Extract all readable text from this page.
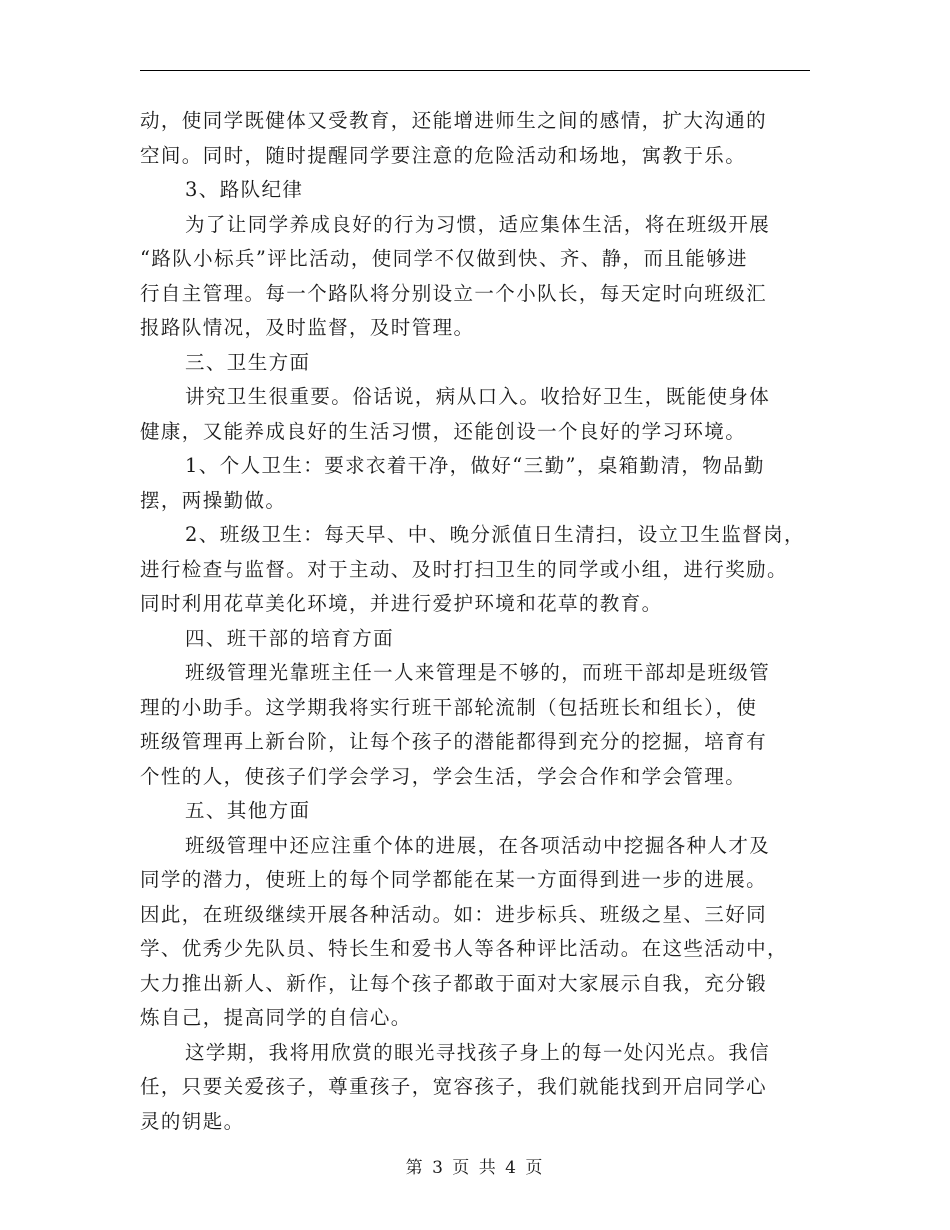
动，使同学既健体又受教育，还能增进师生之间的感情，扩大沟通的
空间。同时，随时提醒同学要注意的危险活动和场地，寓教于乐。
3、路队纪律
为了让同学养成良好的行为习惯，适应集体生活，将在班级开展
“路队小标兵”评比活动，使同学不仅做到快、齐、静，而且能够进
行自主管理。每一个路队将分别设立一个小队长，每天定时向班级汇
报路队情况，及时监督，及时管理。
三、卫生方面
讲究卫生很重要。俗话说，病从口入。收拾好卫生，既能使身体
健康，又能养成良好的生活习惯，还能创设一个良好的学习环境。
1、个人卫生：要求衣着干净，做好“三勤”，桌箱勤清，物品勤
摆，两操勤做。
2、班级卫生：每天早、中、晚分派值日生清扫，设立卫生监督岗，
进行检查与监督。对于主动、及时打扫卫生的同学或小组，进行奖励。
同时利用花草美化环境，并进行爱护环境和花草的教育。
四、班干部的培育方面
班级管理光靠班主任一人来管理是不够的，而班干部却是班级管
理的小助手。这学期我将实行班干部轮流制（包括班长和组长），使
班级管理再上新台阶，让每个孩子的潜能都得到充分的挖掘，培育有
个性的人，使孩子们学会学习，学会生活，学会合作和学会管理。
五、其他方面
班级管理中还应注重个体的进展，在各项活动中挖掘各种人才及
同学的潜力，使班上的每个同学都能在某一方面得到进一步的进展。
因此，在班级继续开展各种活动。如：进步标兵、班级之星、三好同
学、优秀少先队员、特长生和爱书人等各种评比活动。在这些活动中，
大力推出新人、新作，让每个孩子都敢于面对大家展示自我，充分锻
炼自己，提高同学的自信心。
这学期，我将用欣赏的眼光寻找孩子身上的每一处闪光点。我信
任，只要关爱孩子，尊重孩子，宽容孩子，我们就能找到开启同学心
灵的钥匙。
第 3 页 共 4 页
